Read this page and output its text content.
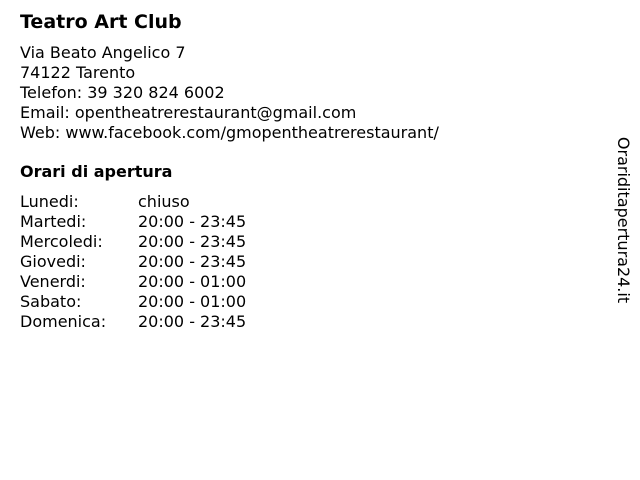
Teatro Art Club
Via Beato Angelico 7
74122 Tarento
Telefon: 39 320 824 6002
Email: opentheatrerestaurant@gmail.com
Web: www.facebook.com/gmopentheatrerestaurant/
Orari di apertura
Lunedi:	chiuso
Martedi:	20:00 - 23:45
Mercoledi:	20:00 - 23:45
Giovedi:	20:00 - 23:45
Venerdi:	20:00 - 01:00
Sabato:	20:00 - 01:00
Domenica:	20:00 - 23:45
Orariditapertura24.it
